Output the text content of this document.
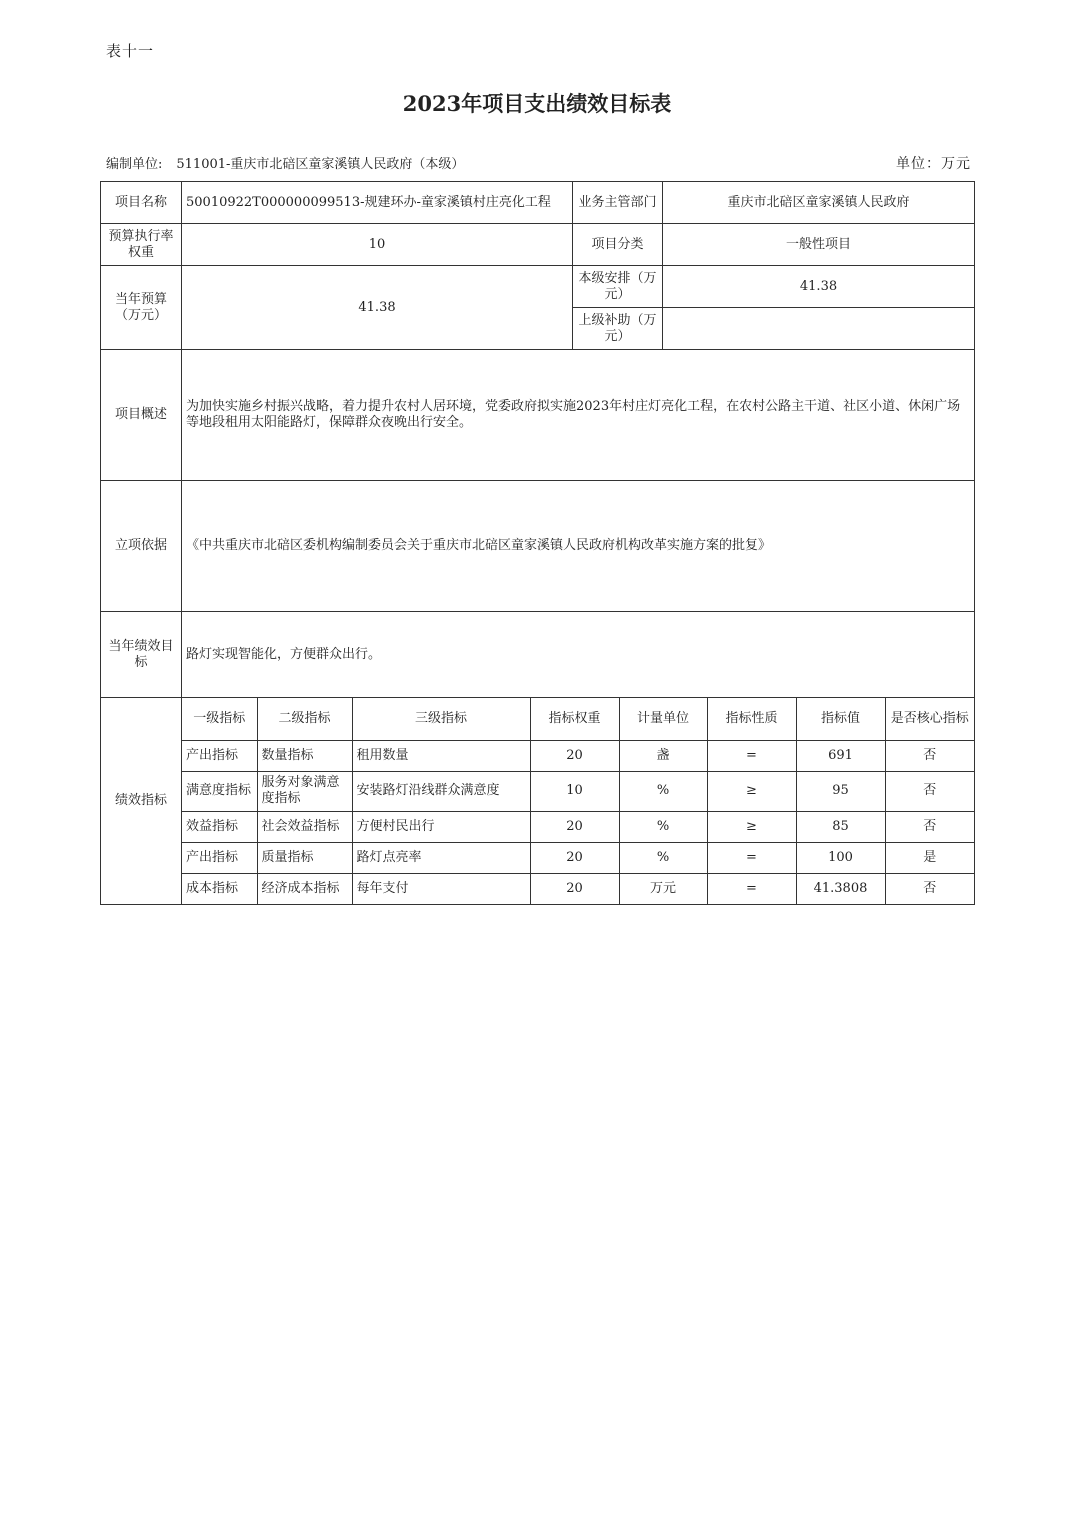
表十一
2023年项目支出绩效目标表
编制单位: 511001-重庆市北碚区童家溪镇人民政府（本级）	单位：万元
项目名称	50010922T000000099513-规建环办-童家溪镇村庄亮化工程	业务主管部门	重庆市北碚区童家溪镇人民政府
预算执行率权重	10	项目分类	一般性项目
当年预算（万元）	41.38	本级安排（万元）	41.38
上级补助（万元）	
项目概述	为加快实施乡村振兴战略，着力提升农村人居环境，党委政府拟实施2023年村庄灯亮化工程，在农村公路主干道、社区小道、休闲广场等地段租用太阳能路灯，保障群众夜晚出行安全。
立项依据	《中共重庆市北碚区委机构编制委员会关于重庆市北碚区童家溪镇人民政府机构改革实施方案的批复》
当年绩效目标	路灯实现智能化，方便群众出行。
绩效指标	
一级指标	二级指标	三级指标	指标权重	计量单位	指标性质	指标值	是否核心指标
产出指标	数量指标	租用数量	20	盏	=	691	否
满意度指标	服务对象满意度指标	安装路灯沿线群众满意度	10	%	≥	95	否
效益指标	社会效益指标	方便村民出行	20	%	≥	85	否
产出指标	质量指标	路灯点亮率	20	%	=	100	是
成本指标	经济成本指标	每年支付	20	万元	=	41.3808	否
